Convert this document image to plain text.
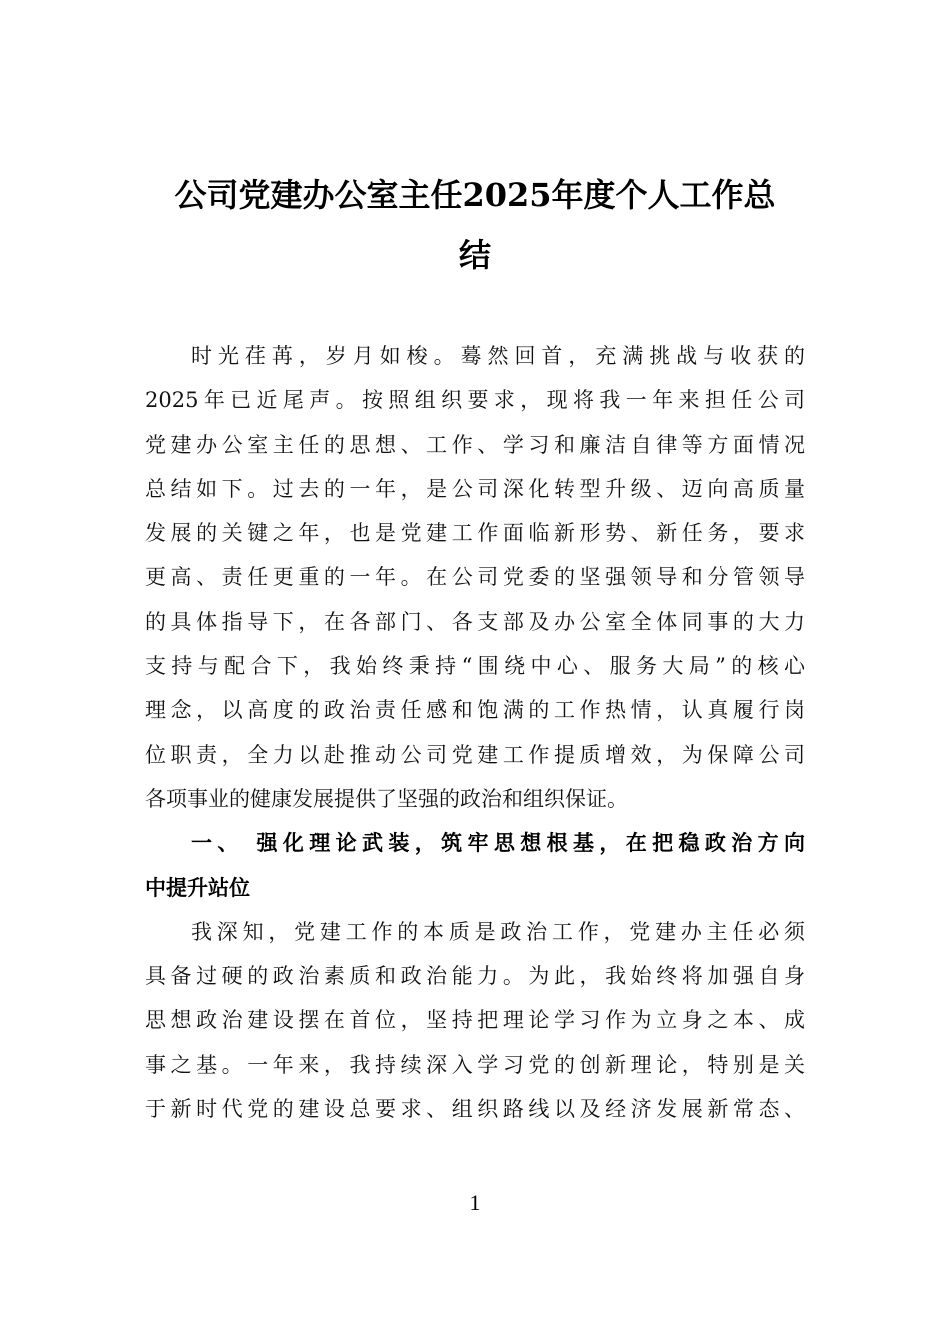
公司党建办公室主任2025年度个人工作总
结
时光荏苒，岁月如梭。蓦然回首，充满挑战与收获的
2025年已近尾声。按照组织要求，现将我一年来担任公司
党建办公室主任的思想、工作、学习和廉洁自律等方面情况
总结如下。过去的一年，是公司深化转型升级、迈向高质量
发展的关键之年，也是党建工作面临新形势、新任务，要求
更高、责任更重的一年。在公司党委的坚强领导和分管领导
的具体指导下，在各部门、各支部及办公室全体同事的大力
支持与配合下，我始终秉持“围绕中心、服务大局”的核心
理念，以高度的政治责任感和饱满的工作热情，认真履行岗
位职责，全力以赴推动公司党建工作提质增效，为保障公司
各项事业的健康发展提供了坚强的政治和组织保证。
一、 强化理论武装，筑牢思想根基，在把稳政治方向
中提升站位
我深知，党建工作的本质是政治工作，党建办主任必须
具备过硬的政治素质和政治能力。为此，我始终将加强自身
思想政治建设摆在首位，坚持把理论学习作为立身之本、成
事之基。一年来，我持续深入学习党的创新理论，特别是关
于新时代党的建设总要求、组织路线以及经济发展新常态、
1
